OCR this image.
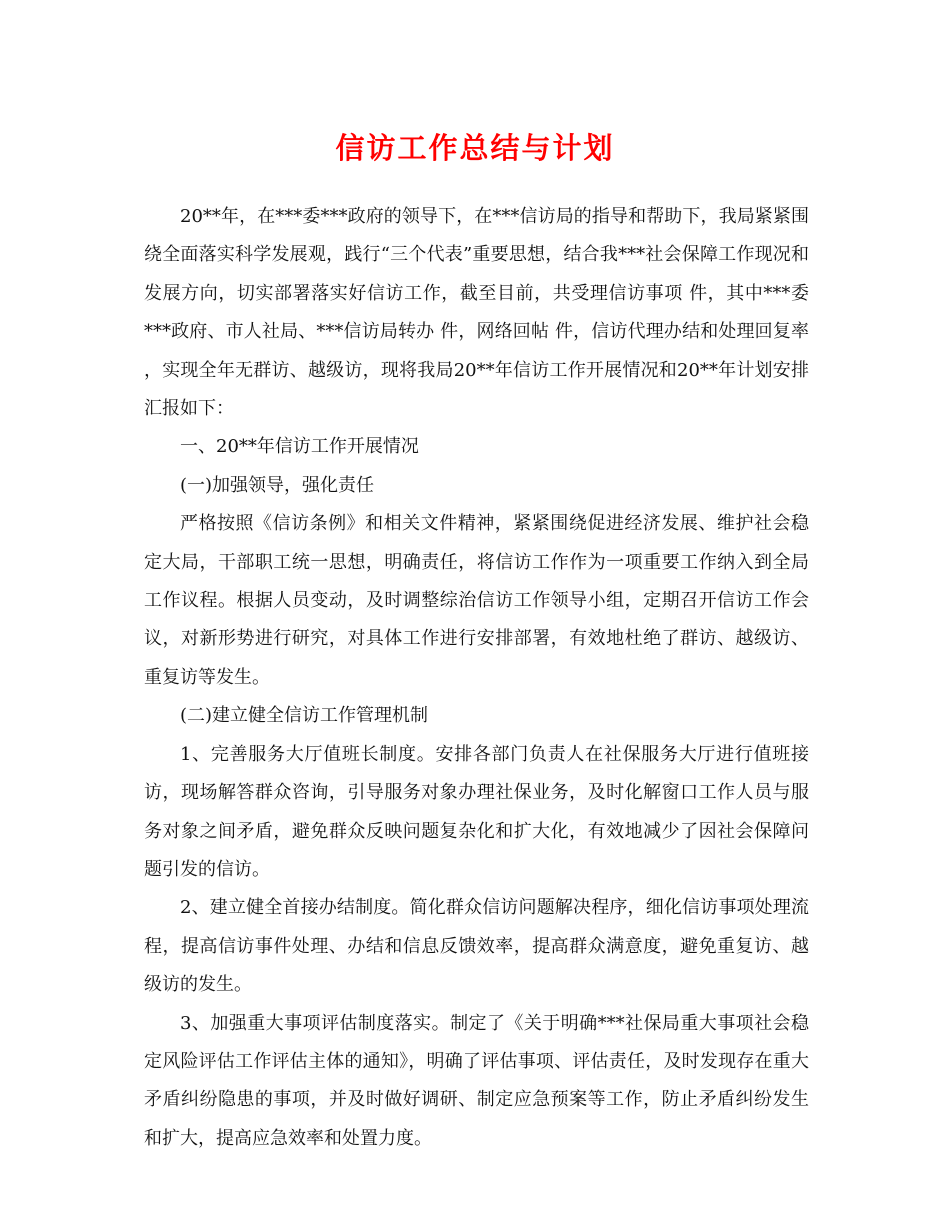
信访工作总结与计划

20**年，在***委***政府的领导下，在***信访局的指导和帮助下，我局紧紧围绕全面落实科学发展观，践行“三个代表”重要思想，结合我***社会保障工作现况和发展方向，切实部署落实好信访工作，截至目前，共受理信访事项 件，其中***委***政府、市人社局、***信访局转办 件，网络回帖 件，信访代理办结和处理回复率 ，实现全年无群访、越级访，现将我局20**年信访工作开展情况和20**年计划安排汇报如下：

一、20**年信访工作开展情况

(一)加强领导，强化责任

严格按照《信访条例》和相关文件精神，紧紧围绕促进经济发展、维护社会稳定大局，干部职工统一思想，明确责任，将信访工作作为一项重要工作纳入到全局工作议程。根据人员变动，及时调整综治信访工作领导小组，定期召开信访工作会议，对新形势进行研究，对具体工作进行安排部署，有效地杜绝了群访、越级访、重复访等发生。

(二)建立健全信访工作管理机制

1、完善服务大厅值班长制度。安排各部门负责人在社保服务大厅进行值班接访，现场解答群众咨询，引导服务对象办理社保业务，及时化解窗口工作人员与服务对象之间矛盾，避免群众反映问题复杂化和扩大化，有效地减少了因社会保障问题引发的信访。

2、建立健全首接办结制度。简化群众信访问题解决程序，细化信访事项处理流程，提高信访事件处理、办结和信息反馈效率，提高群众满意度，避免重复访、越级访的发生。

3、加强重大事项评估制度落实。制定了《关于明确***社保局重大事项社会稳定风险评估工作评估主体的通知》，明确了评估事项、评估责任，及时发现存在重大矛盾纠纷隐患的事项，并及时做好调研、制定应急预案等工作，防止矛盾纠纷发生和扩大，提高应急效率和处置力度。
